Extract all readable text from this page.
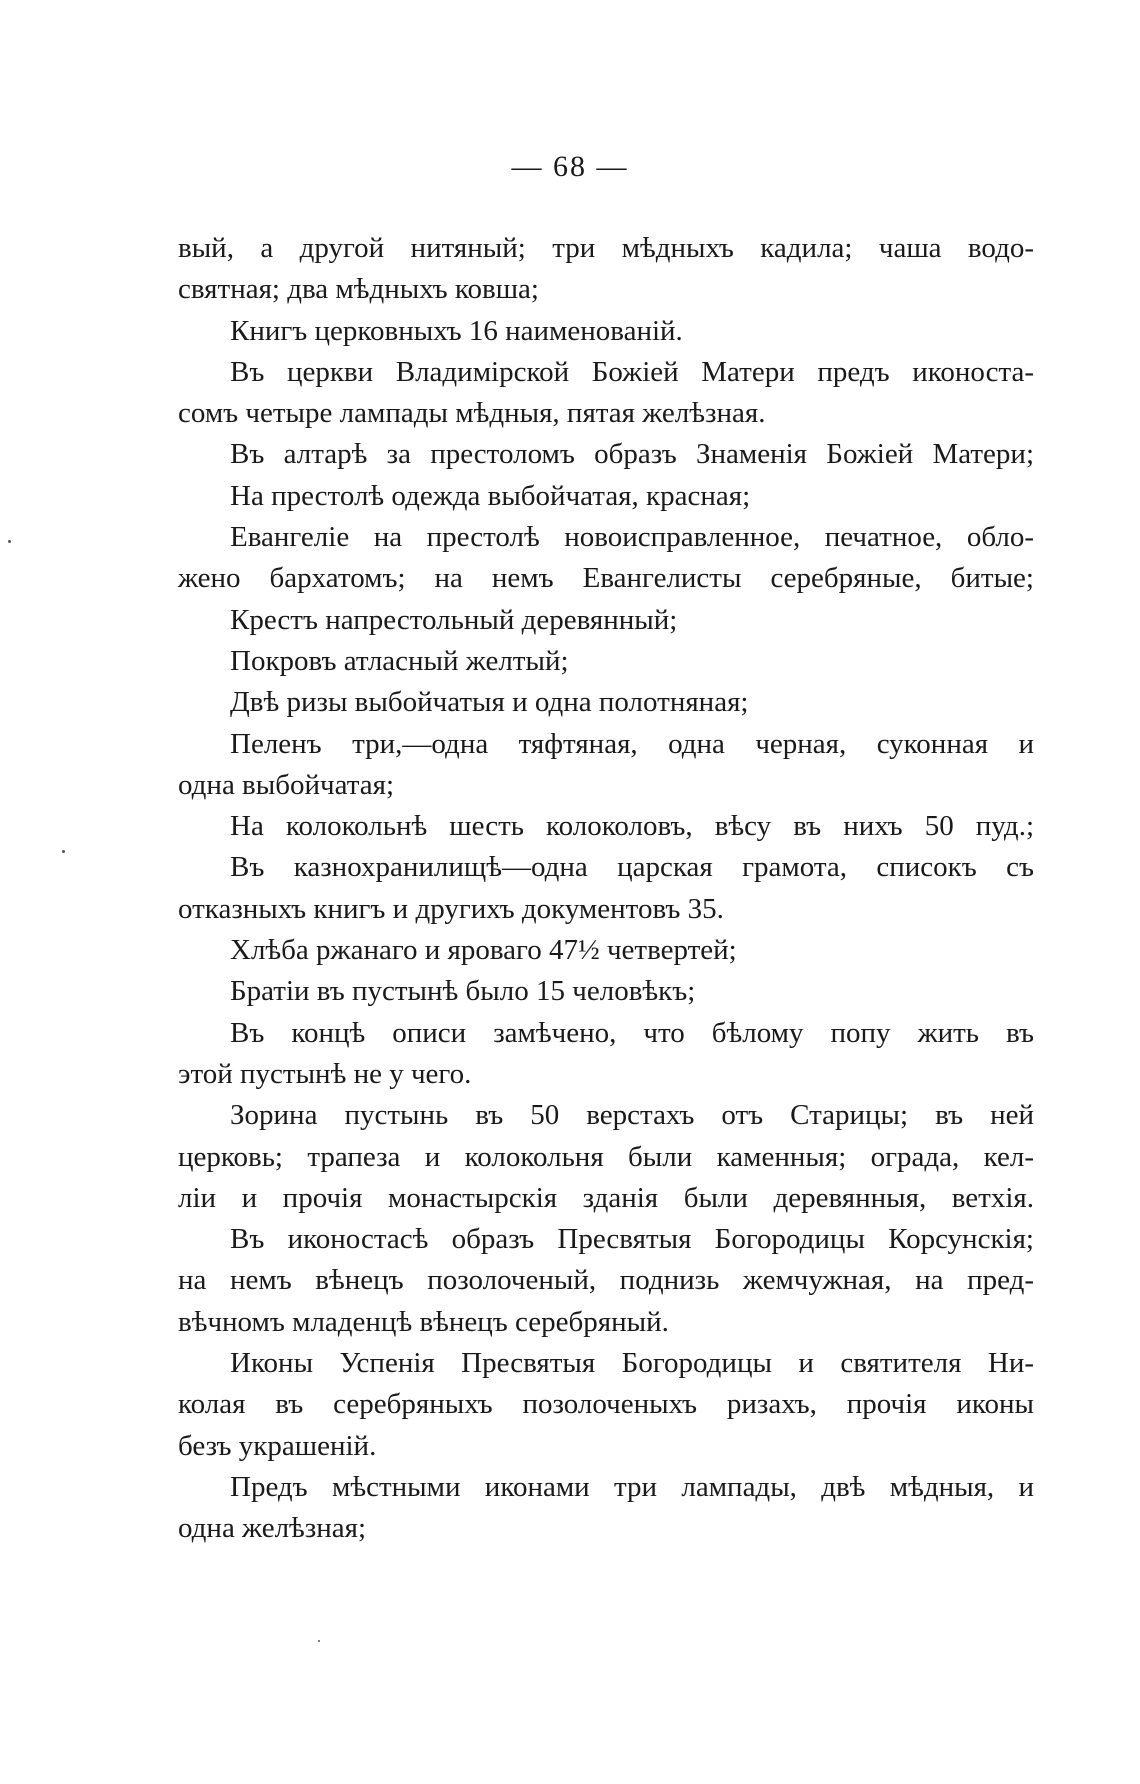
— 68 —
вый, а другой нитяный; три мѣдныхъ кадила; чаша водо-
святная; два мѣдныхъ ковша;
Книгъ церковныхъ 16 наименованій.
Въ церкви Владимірской Божіей Матери предъ иконоста-
сомъ четыре лампады мѣдныя, пятая желѣзная.
Въ алтарѣ за престоломъ образъ Знаменія Божіей Матери;
На престолѣ одежда выбойчатая, красная;
Евангеліе на престолѣ новоисправленное, печатное, обло-
жено бархатомъ; на немъ Евангелисты серебряные, битые;
Крестъ напрестольный деревянный;
Покровъ атласный желтый;
Двѣ ризы выбойчатыя и одна полотняная;
Пеленъ три,—одна тяфтяная, одна черная, суконная и
одна выбойчатая;
На колокольнѣ шесть колоколовъ, вѣсу въ нихъ 50 пуд.;
Въ казнохранилищѣ—одна царская грамота, списокъ съ
отказныхъ книгъ и другихъ документовъ 35.
Хлѣба ржанаго и яроваго 47½ четвертей;
Братіи въ пустынѣ было 15 человѣкъ;
Въ концѣ описи замѣчено, что бѣлому попу жить въ
этой пустынѣ не у чего.
Зорина пустынь въ 50 верстахъ отъ Старицы; въ ней
церковь; трапеза и колокольня были каменныя; ограда, кел-
ліи и прочія монастырскія зданія были деревянныя, ветхія.
Въ иконостасѣ образъ Пресвятыя Богородицы Корсунскія;
на немъ вѣнецъ позолоченый, поднизь жемчужная, на пред-
вѣчномъ младенцѣ вѣнецъ серебряный.
Иконы Успенія Пресвятыя Богородицы и святителя Ни-
колая въ серебряныхъ позолоченыхъ ризахъ, прочія иконы
безъ украшеній.
Предъ мѣстными иконами три лампады, двѣ мѣдныя, и
одна желѣзная;
